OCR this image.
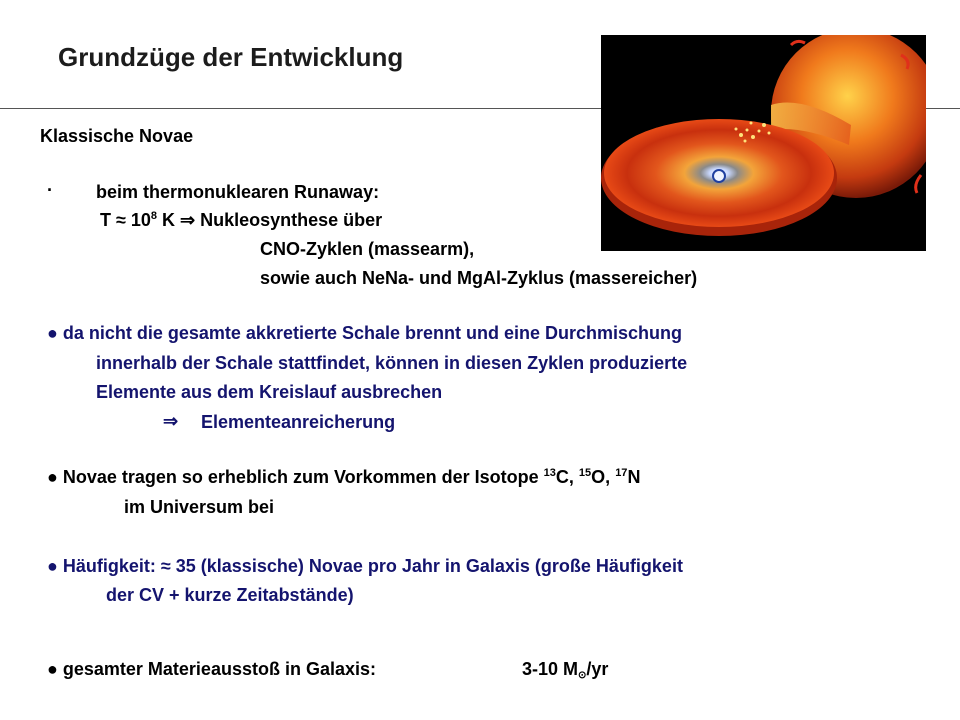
Grundzüge der Entwicklung
Klassische Novae
· beim thermonuklearen Runaway:
$T \approx 10^8$ K ⇒ Nukleosynthese über
CNO-Zyklen (massearm),
sowie auch NeNa- und MgAl-Zyklus (massereicher)
● da nicht die gesamte akkretierte Schale brennt und eine Durchmischung
innerhalb der Schale stattfindet, können in diesen Zyklen produzierte
Elemente aus dem Kreislauf ausbrechen
⇒ Elementeanreicherung
● Novae tragen so erheblich zum Vorkommen der Isotope $^{13}$C, $^{15}$O, $^{17}$N
im Universum bei
● Häufigkeit: ≈ 35 (klassische) Novae pro Jahr in Galaxis (große Häufigkeit
der CV + kurze Zeitabstände)
● gesamter Materieausstoß in Galaxis:	3-10 $M_⊙/yr$
